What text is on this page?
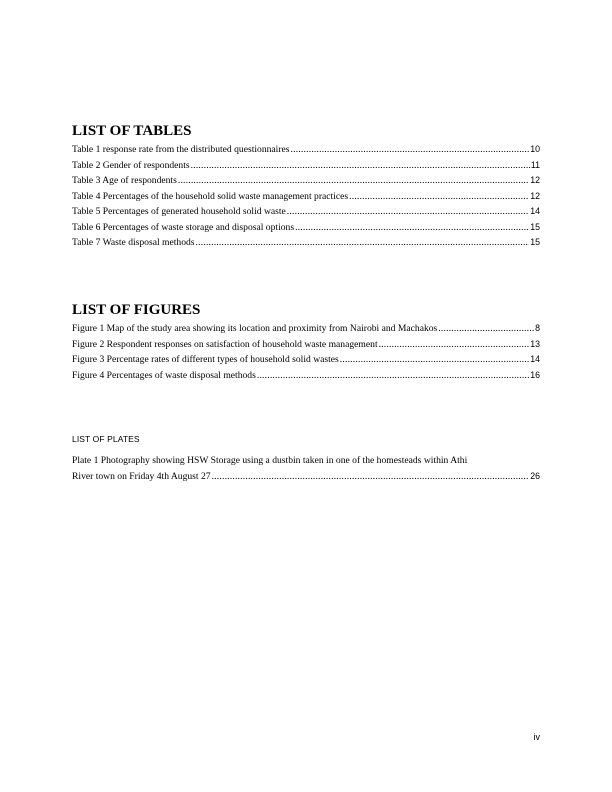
LIST OF TABLES
Table 1 response rate from the distributed questionnaires .....	10
Table 2 Gender of respondents .....	11
Table 3 Age of respondents .....	12
Table 4 Percentages of the household solid waste management practices .....	12
Table 5 Percentages of generated household solid waste .....	14
Table 6 Percentages of waste storage and disposal options .....	15
Table 7 Waste disposal methods .....	15
LIST OF FIGURES
Figure 1 Map of the study area showing its location and proximity from Nairobi and Machakos .....	8
Figure 2 Respondent responses on satisfaction of household waste management .....	13
Figure 3 Percentage rates of different types of household solid wastes .....	14
Figure 4 Percentages of waste disposal methods .....	16
LIST OF PLATES
Plate 1 Photography showing HSW Storage using a dustbin taken in one of the homesteads within Athi
River town on Friday 4th August 27 .....	26
iv
